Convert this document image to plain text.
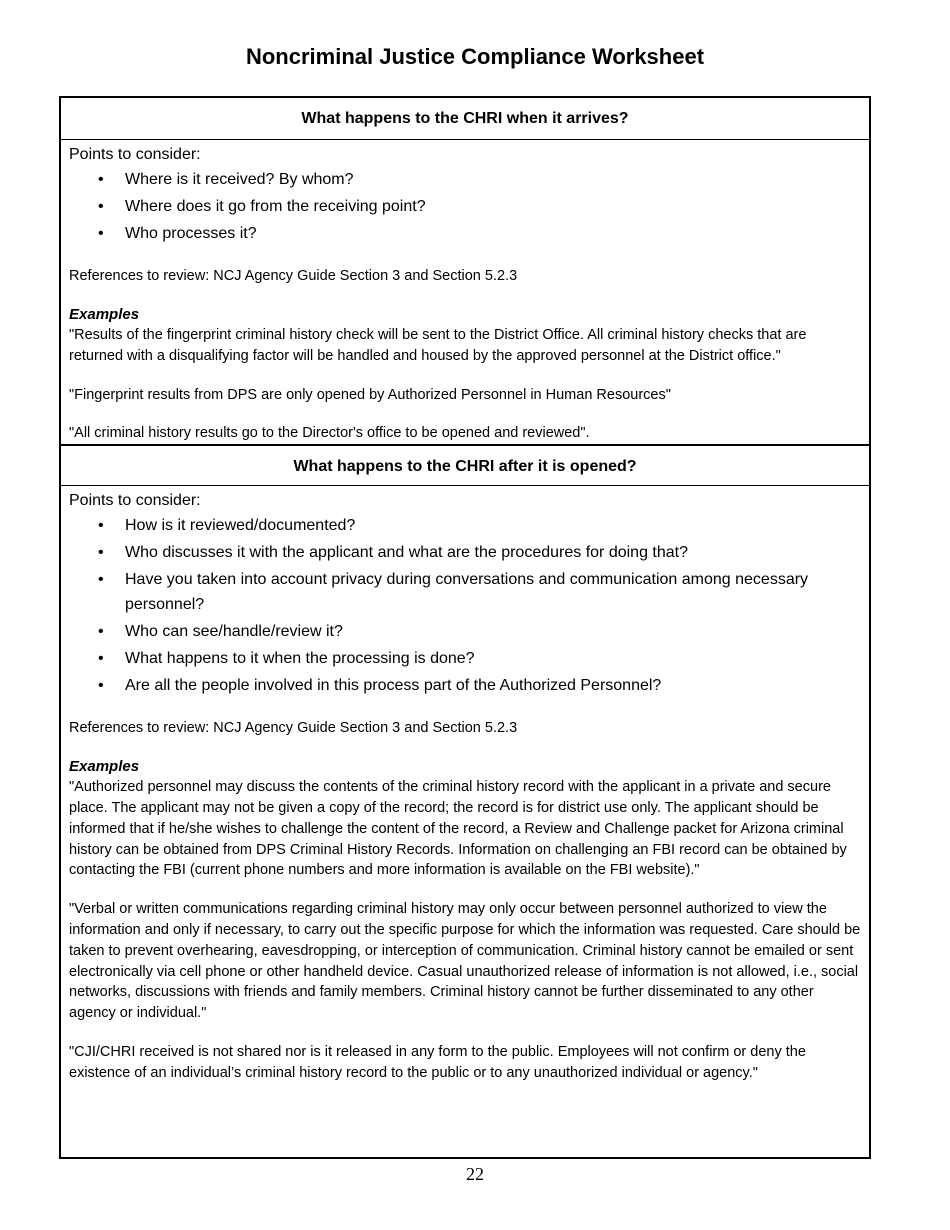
Noncriminal Justice Compliance Worksheet
What happens to the CHRI when it arrives?
Points to consider:
• Where is it received? By whom?
• Where does it go from the receiving point?
• Who processes it?
References to review: NCJ Agency Guide Section 3 and Section 5.2.3
Examples
"Results of the fingerprint criminal history check will be sent to the District Office. All criminal history checks that are returned with a disqualifying factor will be handled and housed by the approved personnel at the District office."
"Fingerprint results from DPS are only opened by Authorized Personnel in Human Resources"
"All criminal history results go to the Director's office to be opened and reviewed".
What happens to the CHRI after it is opened?
Points to consider:
• How is it reviewed/documented?
• Who discusses it with the applicant and what are the procedures for doing that?
• Have you taken into account privacy during conversations and communication among necessary personnel?
• Who can see/handle/review it?
• What happens to it when the processing is done?
• Are all the people involved in this process part of the Authorized Personnel?
References to review: NCJ Agency Guide Section 3 and Section 5.2.3
Examples
"Authorized personnel may discuss the contents of the criminal history record with the applicant in a private and secure place. The applicant may not be given a copy of the record; the record is for district use only. The applicant should be informed that if he/she wishes to challenge the content of the record, a Review and Challenge packet for Arizona criminal history can be obtained from DPS Criminal History Records. Information on challenging an FBI record can be obtained by contacting the FBI (current phone numbers and more information is available on the FBI website)."
"Verbal or written communications regarding criminal history may only occur between personnel authorized to view the information and only if necessary, to carry out the specific purpose for which the information was requested. Care should be taken to prevent overhearing, eavesdropping, or interception of communication. Criminal history cannot be emailed or sent electronically via cell phone or other handheld device. Casual unauthorized release of information is not allowed, i.e., social networks, discussions with friends and family members. Criminal history cannot be further disseminated to any other agency or individual."
"CJI/CHRI received is not shared nor is it released in any form to the public. Employees will not confirm or deny the existence of an individual’s criminal history record to the public or to any unauthorized individual or agency."
22
